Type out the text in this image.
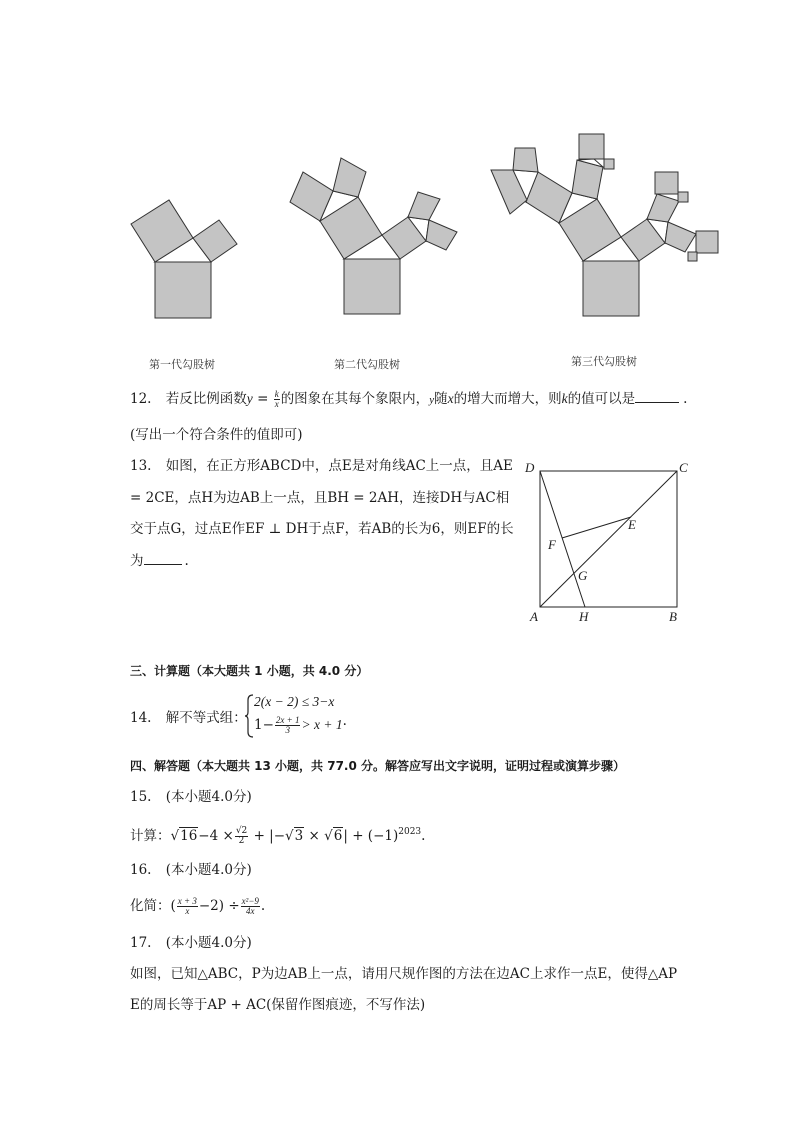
第一代勾股树	第二代勾股树	第三代勾股树
12. 若反比例函数$y = \frac{k}{x}$ 的图象在其每个象限内，y随x的增大而增大，则k的值可以是	.
(写出一个符合条件的值即可)
13. 如图，在正方形ABCD中，点E是对角线AC上一点，且AE
= 2CE，点H为边AB上一点，且BH = 2AH，连接DH与AC相
交于点G，过点E作EF ⊥ DH于点F，若AB的长为6，则EF的长
为	.
D	C
A	H	B
E
F
G
三、计算题（本大题共 1 小题，共 4.0 分）
14. 解不等式组：
2(x − 2) ≤ 3−x
$1- \frac{2x + 1}{3} > x + 1\cdot$
四、解答题（本大题共 13 小题，共 77.0 分。解答应写出文字说明，证明过程或演算步骤）
15. (本小题4.0分)
计算：$√16-4 \times \frac{√2}{2} + |-√3 \times √6| + (-1)^{2023}$.
16. (本小题4.0分)
化简：( $\frac{x + 3}{x} -2) \div \frac{\text{x²−9}}{4x}$ .
17. (本小题4.0分)
如图，已知△ABC，P为边AB上一点，请用尺规作图的方法在边AC上求作一点E，使得△AP
E的周长等于AP + AC(保留作图痕迹，不写作法)
